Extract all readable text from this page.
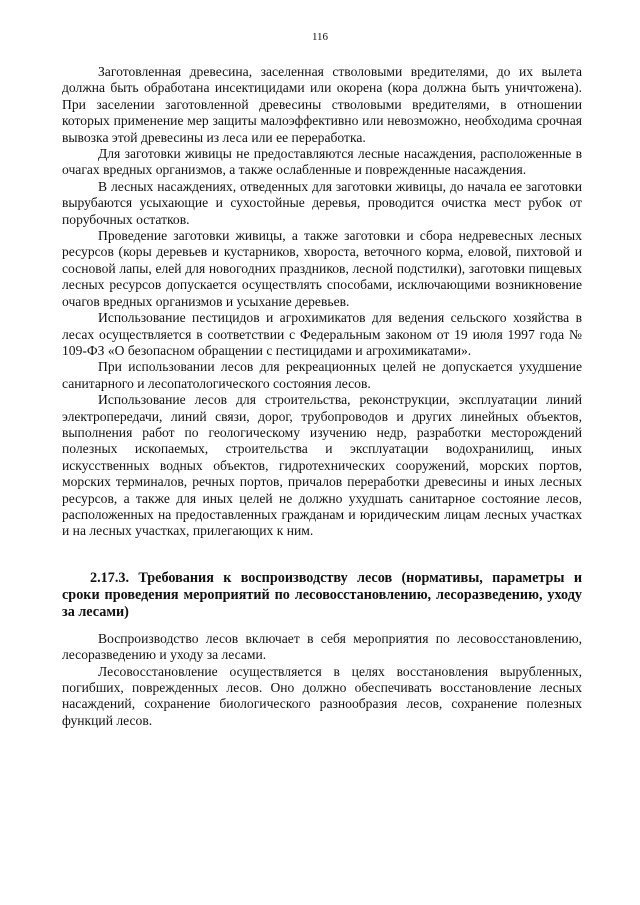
116

Заготовленная древесина, заселенная стволовыми вредителями, до их вылета должна быть обработана инсектицидами или окорена (кора должна быть уничтожена). При заселении заготовленной древесины стволовыми вредителями, в отношении которых применение мер защиты малоэффективно или невозможно, необходима срочная вывозка этой древесины из леса или ее переработка.

Для заготовки живицы не предоставляются лесные насаждения, расположенные в очагах вредных организмов, а также ослабленные и поврежденные насаждения.

В лесных насаждениях, отведенных для заготовки живицы, до начала ее заготовки вырубаются усыхающие и сухостойные деревья, проводится очистка мест рубок от порубочных остатков.

Проведение заготовки живицы, а также заготовки и сбора недревесных лесных ресурсов (коры деревьев и кустарников, хвороста, веточного корма, еловой, пихтовой и сосновой лапы, елей для новогодних праздников, лесной подстилки), заготовки пищевых лесных ресурсов допускается осуществлять способами, исключающими возникновение очагов вредных организмов и усыхание деревьев.

Использование пестицидов и агрохимикатов для ведения сельского хозяйства в лесах осуществляется в соответствии с Федеральным законом от 19 июля 1997 года № 109-ФЗ «О безопасном обращении с пестицидами и агрохимикатами».

При использовании лесов для рекреационных целей не допускается ухудшение санитарного и лесопатологического состояния лесов.

Использование лесов для строительства, реконструкции, эксплуатации линий электропередачи, линий связи, дорог, трубопроводов и других линейных объектов, выполнения работ по геологическому изучению недр, разработки месторождений полезных ископаемых, строительства и эксплуатации водохранилищ, иных искусственных водных объектов, гидротехнических сооружений, морских портов, морских терминалов, речных портов, причалов переработки древесины и иных лесных ресурсов, а также для иных целей не должно ухудшать санитарное состояние лесов, расположенных на предоставленных гражданам и юридическим лицам лесных участках и на лесных участках, прилегающих к ним.

2.17.3. Требования к воспроизводству лесов (нормативы, параметры и сроки проведения мероприятий по лесовосстановлению, лесоразведению, уходу за лесами)

Воспроизводство лесов включает в себя мероприятия по лесовосстановлению, лесоразведению и уходу за лесами.

Лесовосстановление осуществляется в целях восстановления вырубленных, погибших, поврежденных лесов. Оно должно обеспечивать восстановление лесных насаждений, сохранение биологического разнообразия лесов, сохранение полезных функций лесов.
